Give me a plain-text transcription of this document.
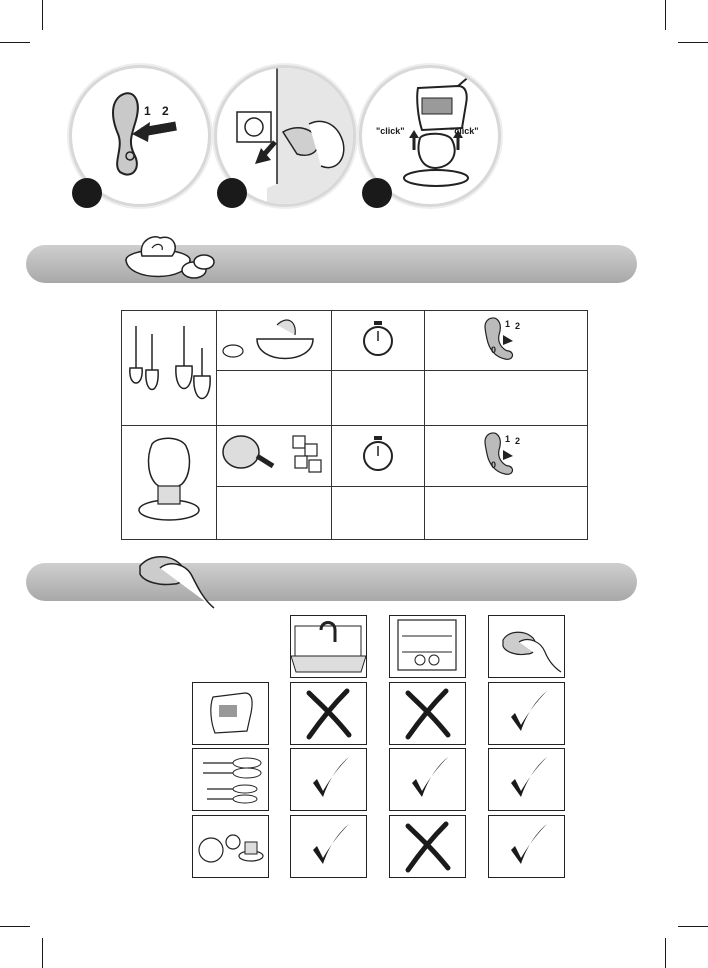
1 2
"click"	"click"

1 2
0

1 2
0
